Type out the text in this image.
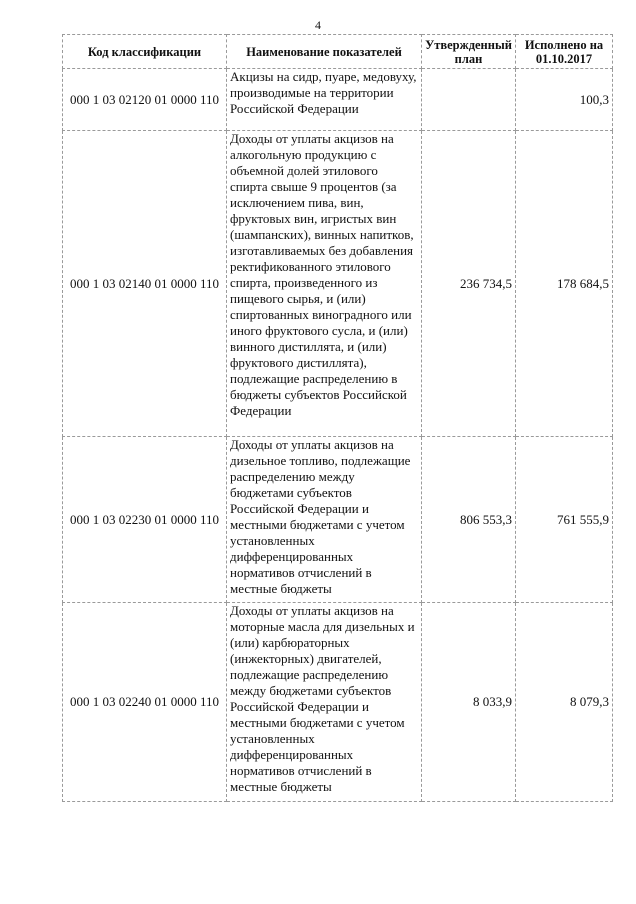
4
Код классификации	Наименование показателей	Утвержденный план	Исполнено на 01.10.2017
000 1 03 02120 01 0000 110	Акцизы на сидр, пуаре, медовуху, производимые на территории Российской Федерации		100,3
000 1 03 02140 01 0000 110	Доходы от уплаты акцизов на алкогольную продукцию с объемной долей этилового спирта свыше 9 процентов (за исключением пива, вин, фруктовых вин, игристых вин (шампанских), винных напитков, изготавливаемых без добавления ректификованного этилового спирта, произведенного из пищевого сырья, и (или) спиртованных виноградного или иного фруктового сусла, и (или) винного дистиллята, и (или) фруктового дистиллята), подлежащие распределению в бюджеты субъектов Российской Федерации	236 734,5	178 684,5
000 1 03 02230 01 0000 110	Доходы от уплаты акцизов на дизельное топливо, подлежащие распределению между бюджетами субъектов Российской Федерации и местными бюджетами с учетом установленных дифференцированных нормативов отчислений в местные бюджеты	806 553,3	761 555,9
000 1 03 02240 01 0000 110	Доходы от уплаты акцизов на моторные масла для дизельных и (или) карбюраторных (инжекторных) двигателей, подлежащие распределению между бюджетами субъектов Российской Федерации и местными бюджетами с учетом установленных дифференцированных нормативов отчислений в местные бюджеты	8 033,9	8 079,3
